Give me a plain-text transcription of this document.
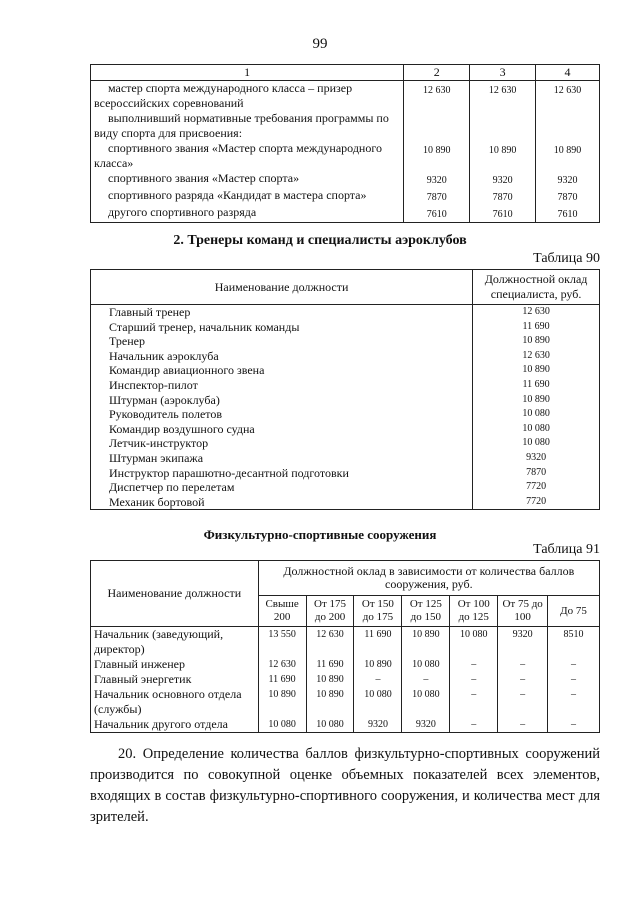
99
1	2	3	4
мастер спорта международного класса – призер всероссийских соревнований	12 630	12 630	12 630
выполнивший нормативные требования программы по виду спорта для присвоения:			
спортивного звания «Мастер спорта международного класса»	10 890	10 890	10 890
спортивного звания «Мастер спорта»	9320	9320	9320
спортивного разряда «Кандидат в мастера спорта»	7870	7870	7870
другого спортивного разряда	7610	7610	7610
2. Тренеры команд и специалисты аэроклубов
Таблица 90
Наименование должности	Должностной оклад специалиста, руб.
Главный тренер	12 630
Старший тренер, начальник команды	11 690
Тренер	10 890
Начальник аэроклуба	12 630
Командир авиационного звена	10 890
Инспектор-пилот	11 690
Штурман (аэроклуба)	10 890
Руководитель полетов	10 080
Командир воздушного судна	10 080
Летчик-инструктор	10 080
Штурман экипажа	9320
Инструктор парашютно-десантной подготовки	7870
Диспетчер по перелетам	7720
Механик бортовой	7720
Физкультурно-спортивные сооружения
Таблица 91
Наименование должности	Должностной оклад в зависимости от количества баллов сооружения, руб.						
	Свыше 200	От 175 до 200	От 150 до 175	От 125 до 150	От 100 до 125	От 75 до 100	До 75
Начальник (заведующий, директор)	13 550	12 630	11 690	10 890	10 080	9320	8510
Главный инженер	12 630	11 690	10 890	10 080	–	–	–
Главный энергетик	11 690	10 890	–	–	–	–	–
Начальник основного отдела (службы)	10 890	10 890	10 080	10 080	–	–	–
Начальник другого отдела	10 080	10 080	9320	9320	–	–	–

20. Определение количества баллов физкультурно-спортивных сооружений производится по совокупной оценке объемных показателей всех элементов, входящих в состав физкультурно-спортивного сооружения, и количества мест для зрителей.
